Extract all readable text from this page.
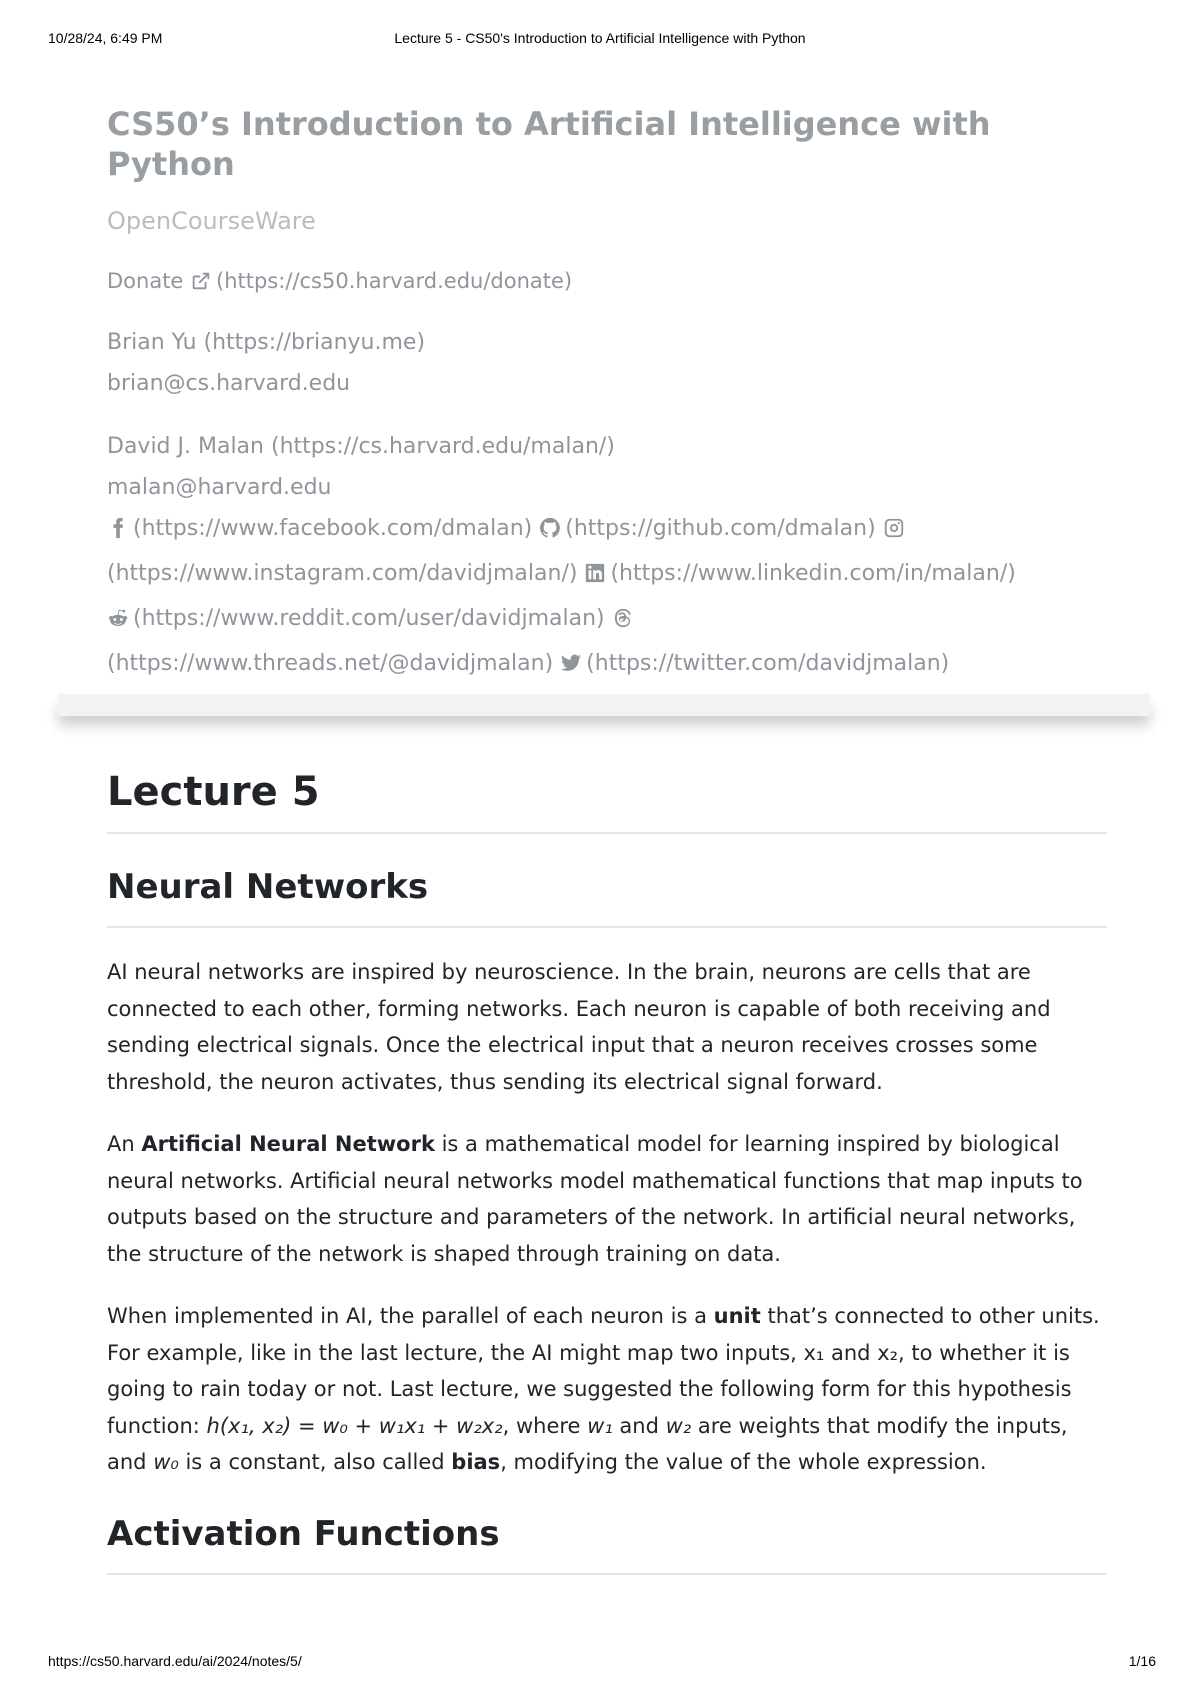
10/28/24, 6:49 PM	Lecture 5 - CS50's Introduction to Artificial Intelligence with Python
CS50’s Introduction to Artificial Intelligence with Python
OpenCourseWare
Donate (https://cs50.harvard.edu/donate)
Brian Yu (https://brianyu.me)
brian@cs.harvard.edu
David J. Malan (https://cs.harvard.edu/malan/)
malan@harvard.edu
(https://www.facebook.com/dmalan) (https://github.com/dmalan)
(https://www.instagram.com/davidjmalan/) (https://www.linkedin.com/in/malan/)
(https://www.reddit.com/user/davidjmalan)
(https://www.threads.net/@davidjmalan) (https://twitter.com/davidjmalan)
Lecture 5
Neural Networks

AI neural networks are inspired by neuroscience. In the brain, neurons are cells that are connected to each other, forming networks. Each neuron is capable of both receiving and sending electrical signals. Once the electrical input that a neuron receives crosses some threshold, the neuron activates, thus sending its electrical signal forward.

An Artificial Neural Network is a mathematical model for learning inspired by biological neural networks. Artificial neural networks model mathematical functions that map inputs to outputs based on the structure and parameters of the network. In artificial neural networks, the structure of the network is shaped through training on data.

When implemented in AI, the parallel of each neuron is a unit that’s connected to other units. For example, like in the last lecture, the AI might map two inputs, x₁ and x₂, to whether it is going to rain today or not. Last lecture, we suggested the following form for this hypothesis function: h(x₁, x₂) = w₀ + w₁x₁ + w₂x₂, where w₁ and w₂ are weights that modify the inputs, and w₀ is a constant, also called bias, modifying the value of the whole expression.

Activation Functions
https://cs50.harvard.edu/ai/2024/notes/5/	1/16
